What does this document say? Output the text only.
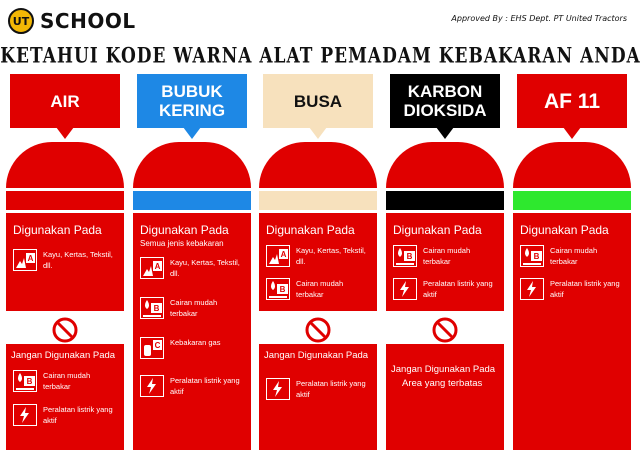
UT SCHOOL	Approved By : EHS Dept. PT United Tractors
KETAHUI KODE WARNA ALAT PEMADAM KEBAKARAN ANDA
AIR
Digunakan Pada
A Kayu, Kertas, Tekstil, dll.
Jangan Digunakan Pada
B
Cairan mudah terbakar
Peralatan listrik yang aktif
BUBUK KERING
Digunakan Pada
Semua jenis kebakaran
A Kayu, Kertas, Tekstil, dll.
B
Cairan mudah terbakar
C Kebakaran gas
Peralatan listrik yang aktif
BUSA
Digunakan Pada
A Kayu, Kertas, Tekstil, dll.
B
Cairan mudah terbakar
Jangan Digunakan Pada
Peralatan listrik yang aktif
KARBON DIOKSIDA
Digunakan Pada
B
Cairan mudah terbakar
Peralatan listrik yang aktif
Jangan Digunakan Pada
Area yang terbatas
AF 11
Digunakan Pada
B
Cairan mudah terbakar
Peralatan listrik yang aktif
